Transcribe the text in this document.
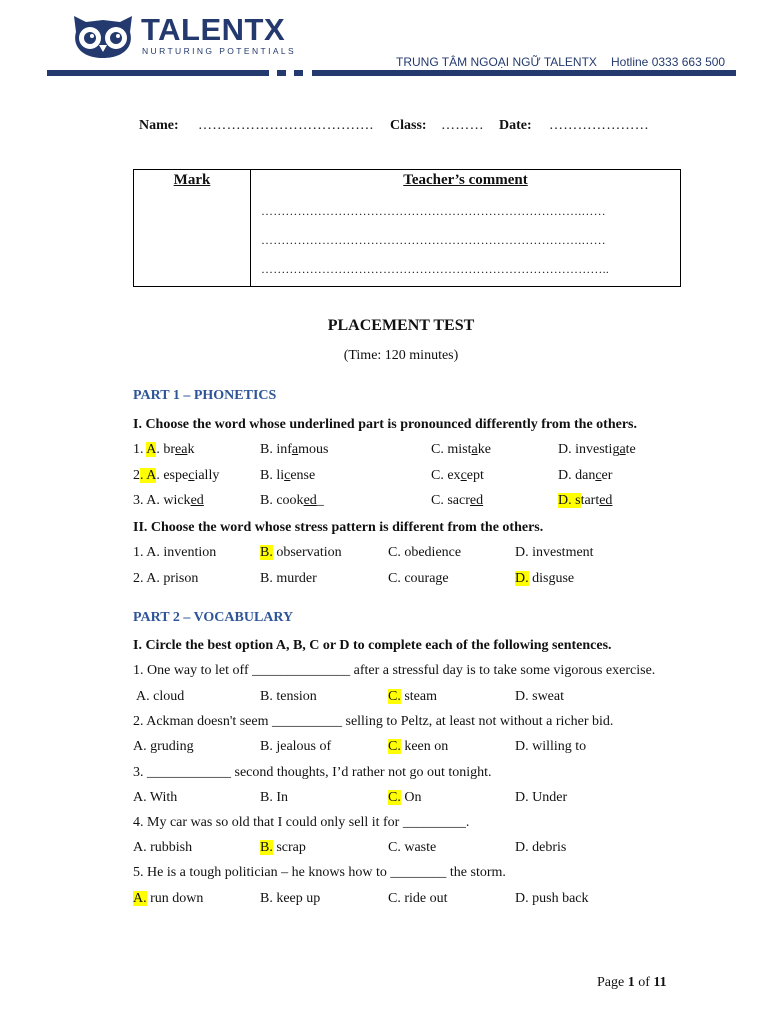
TALENTX
NURTURING POTENTIALS
TRUNG TÂM NGOẠI NGỮ TALENTX Hotline 0333 663 500
Name: ………………………………. Class: ……… Date: …………………
Mark	Teacher’s comment
…………………………………………………………………….……
…………………………………………………………………….……
…………………………………………………………………………..
PLACEMENT TEST
(Time: 120 minutes)
PART 1 – PHONETICS
I. Choose the word whose underlined part is pronounced differently from the others.
1. A. break	B. infamous	C. mistake	D. investigate
2. A. especially	B. license	C. except	D. dancer
3. A. wicked	B. cooked_	C. sacred	D. started
II. Choose the word whose stress pattern is different from the others.
1. A. invention	B. observation	C. obedience	D. investment
2. A. prison	B. murder	C. courage	D. disguse
PART 2 – VOCABULARY
I. Circle the best option A, B, C or D to complete each of the following sentences.
1. One way to let off ______________ after a stressful day is to take some vigorous exercise.
A. cloud	B. tension	C. steam	D. sweat
2. Ackman doesn't seem __________ selling to Peltz, at least not without a richer bid.
A. gruding	B. jealous of	C. keen on	D. willing to
3. ____________ second thoughts, I’d rather not go out tonight.
A. With	B. In	C. On	D. Under
4. My car was so old that I could only sell it for _________.
A. rubbish	B. scrap	C. waste	D. debris
5. He is a tough politician – he knows how to ________ the storm.
A. run down	B. keep up	C. ride out	D. push back
Page 1 of 11
